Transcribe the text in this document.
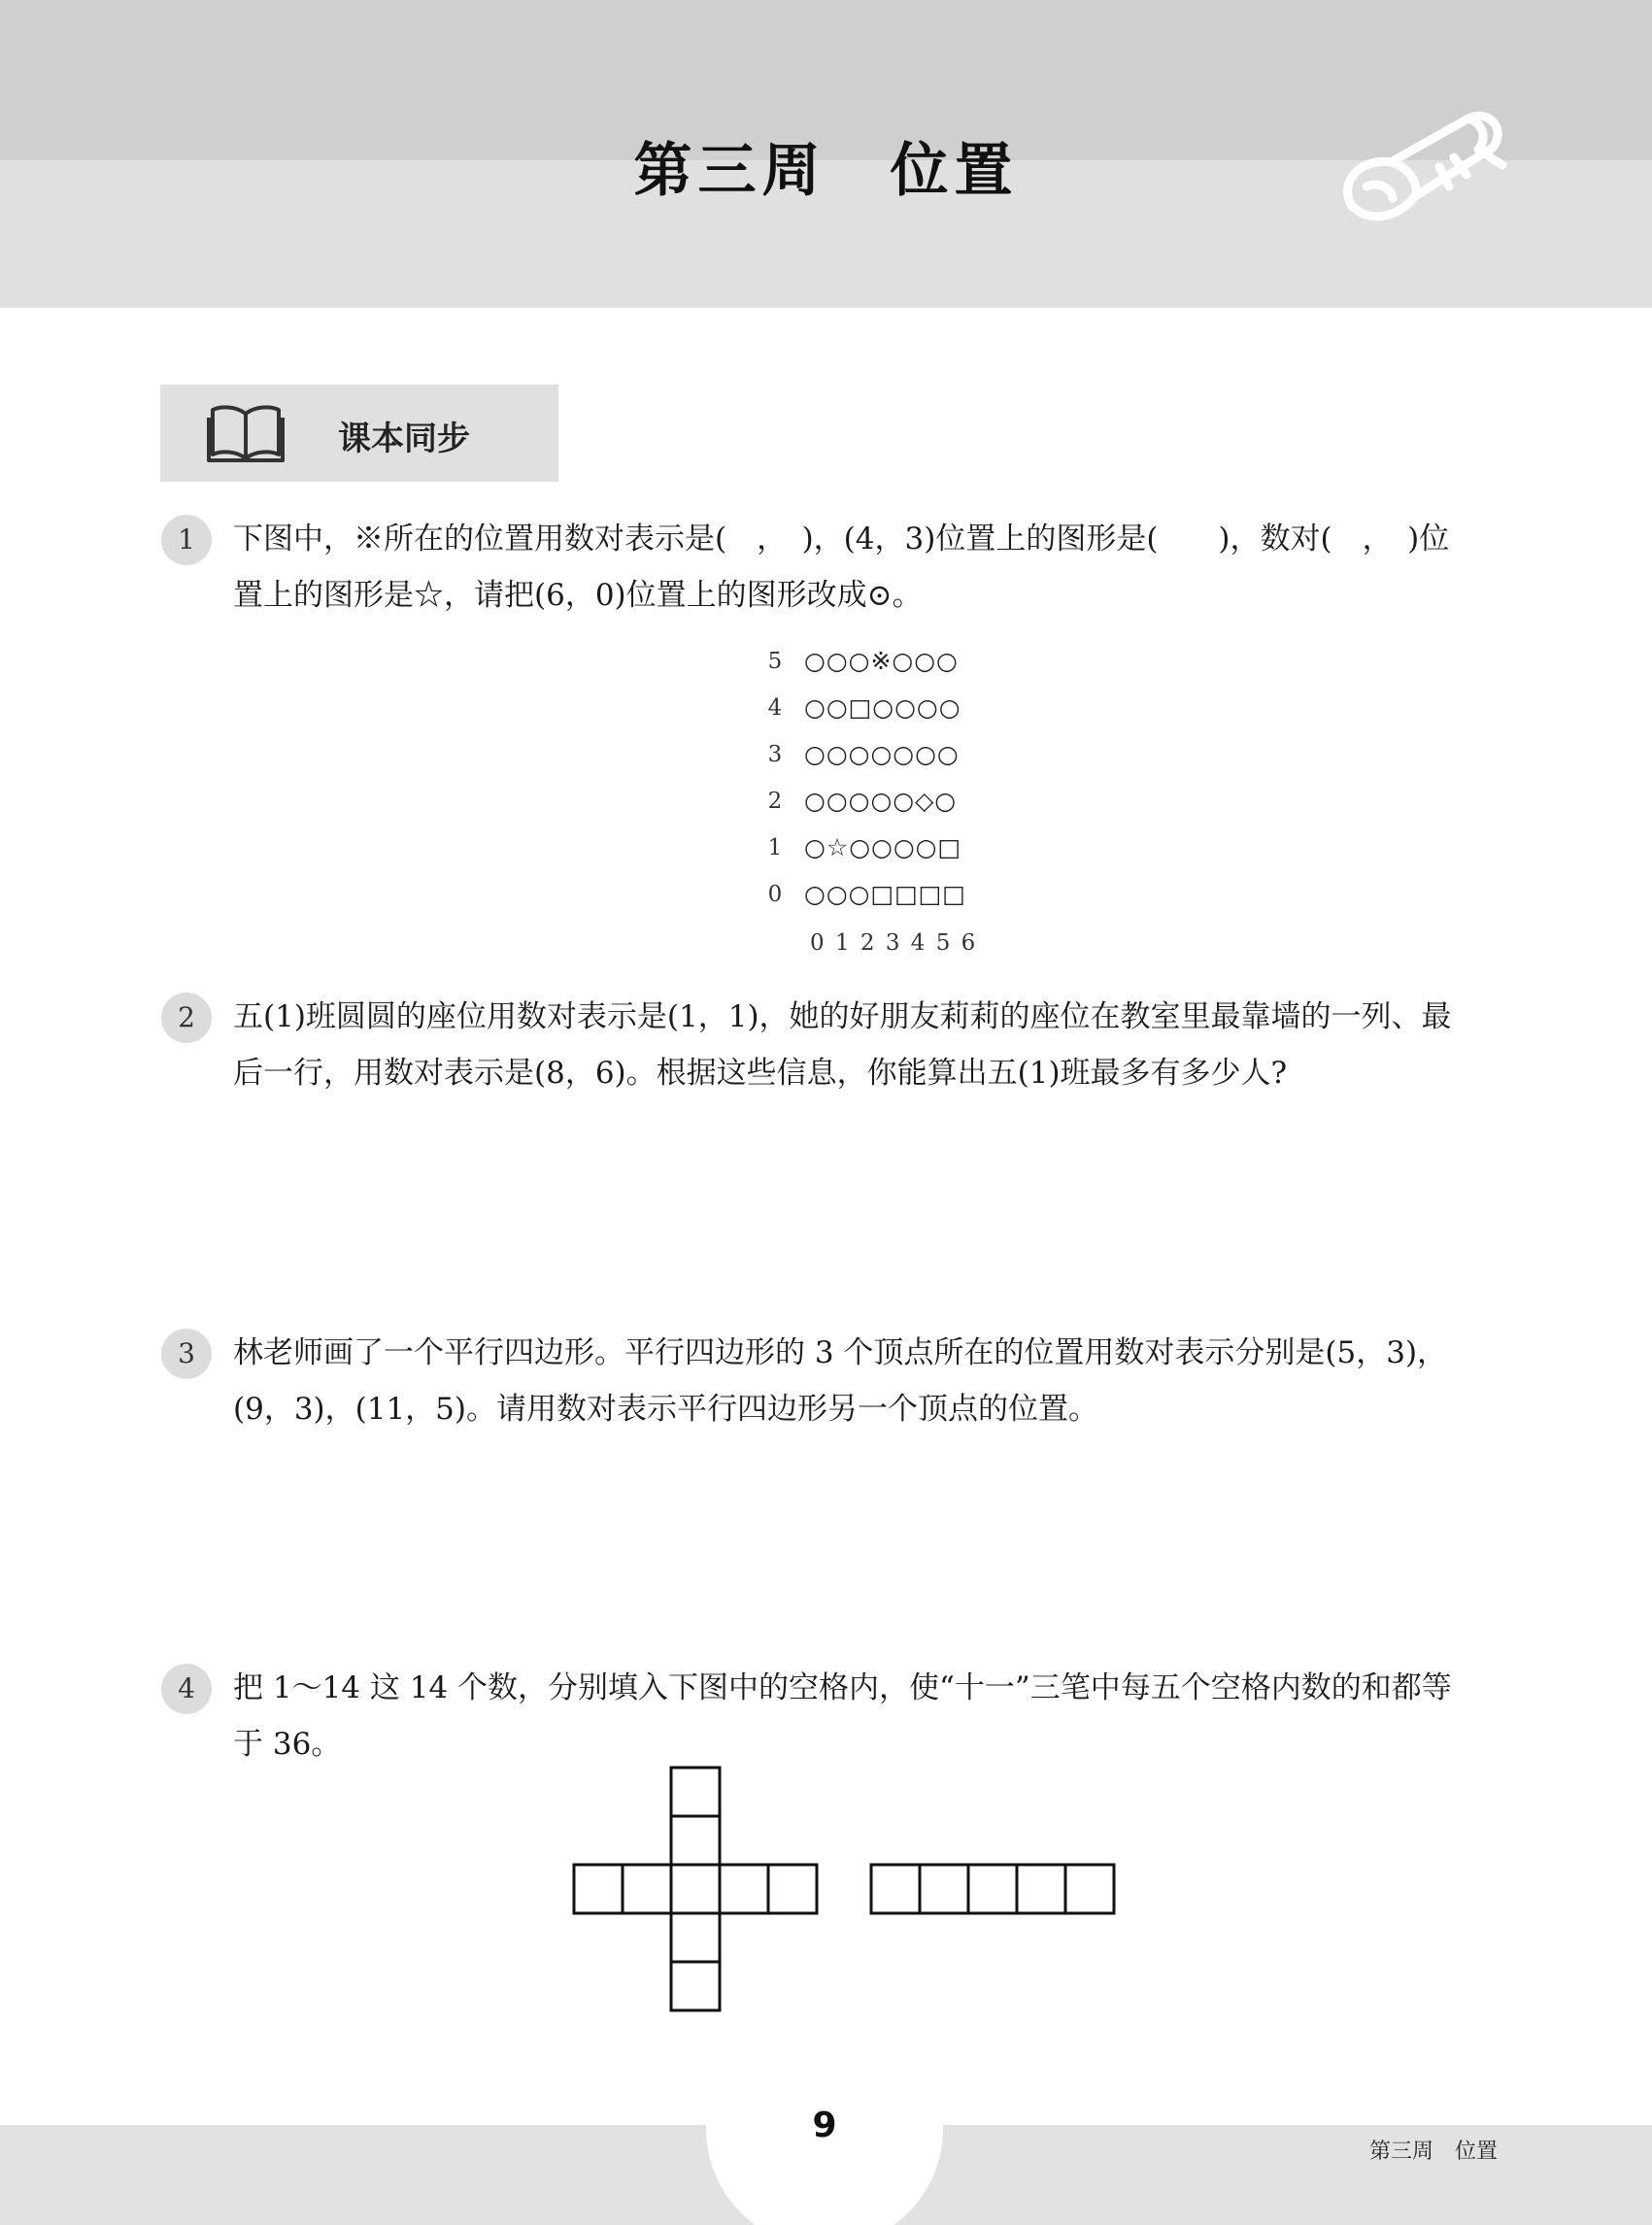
第三周　位置
课本同步
1	下图中，※所在的位置用数对表示是(　，　)，(4，3)位置上的图形是(　　)，数对(　，　)位
置上的图形是☆，请把(6，0)位置上的图形改成⊙。
5 ○○○※○○○
4 ○○□○○○○
3 ○○○○○○○
2 ○○○○○◇○
1 ○☆○○○○□
0 ○○○□□□□
0 1 2 3 4 5 6
2	五(1)班圆圆的座位用数对表示是(1，1)，她的好朋友莉莉的座位在教室里最靠墙的一列、最
后一行，用数对表示是(8，6)。根据这些信息，你能算出五(1)班最多有多少人?
3	林老师画了一个平行四边形。平行四边形的 3 个顶点所在的位置用数对表示分别是(5，3)，
(9，3)，(11，5)。请用数对表示平行四边形另一个顶点的位置。
4	把 1～14 这 14 个数，分别填入下图中的空格内，使“十一”三笔中每五个空格内数的和都等
于 36。
9
第三周　位置
